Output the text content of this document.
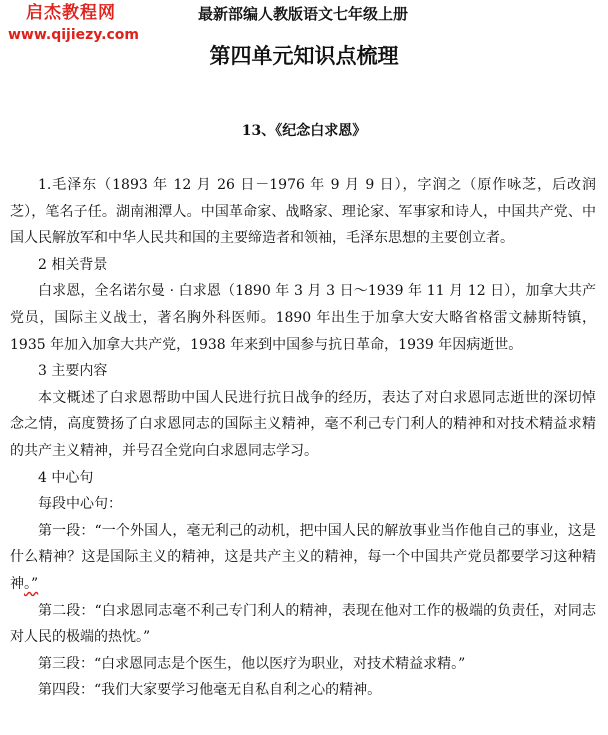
启杰教程网
www.qijiezy.com
最新部编人教版语文七年级上册
第四单元知识点梳理
13、《纪念白求恩》

1.毛泽东（1893 年 12 月 26 日－1976 年 9 月 9 日），字润之（原作咏芝，后改润芝），笔名子任。湖南湘潭人。中国革命家、战略家、理论家、军事家和诗人，中国共产党、中国人民解放军和中华人民共和国的主要缔造者和领袖，毛泽东思想的主要创立者。

2 相关背景

白求恩，全名诺尔曼 · 白求恩（1890 年 3 月 3 日～1939 年 11 月 12 日），加拿大共产党员，国际主义战士，著名胸外科医师。1890 年出生于加拿大安大略省格雷文赫斯特镇，1935 年加入加拿大共产党，1938 年来到中国参与抗日革命，1939 年因病逝世。

3 主要内容

本文概述了白求恩帮助中国人民进行抗日战争的经历，表达了对白求恩同志逝世的深切悼念之情，高度赞扬了白求恩同志的国际主义精神，毫不利己专门利人的精神和对技术精益求精的共产主义精神，并号召全党向白求恩同志学习。

4 中心句

每段中心句：

第一段：“一个外国人，毫无利己的动机，把中国人民的解放事业当作他自己的事业，这是什么精神？这是国际主义的精神，这是共产主义的精神，每一个中国共产党员都要学习这种精神。”

第二段：“白求恩同志毫不利己专门利人的精神，表现在他对工作的极端的负责任，对同志对人民的极端的热忱。”

第三段：“白求恩同志是个医生，他以医疗为职业，对技术精益求精。”

第四段：“我们大家要学习他毫无自私自利之心的精神。
